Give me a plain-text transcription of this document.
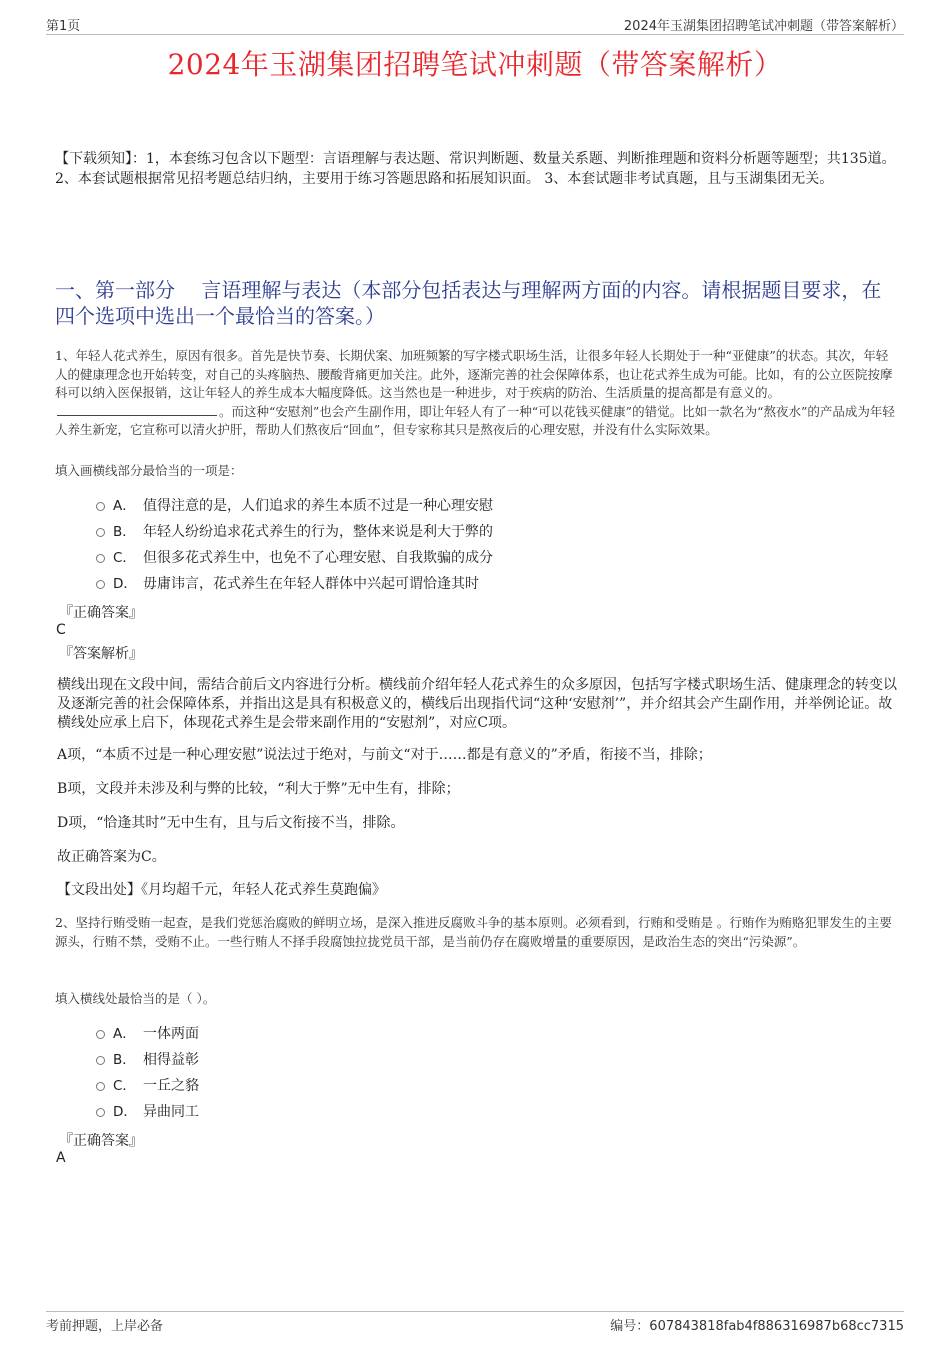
第1页	2024年玉湖集团招聘笔试冲刺题（带答案解析）
2024年玉湖集团招聘笔试冲刺题（带答案解析）
【下载须知】：1，本套练习包含以下题型：言语理解与表达题、常识判断题、数量关系题、判断推理题和资料分析题等题型；共135道。 2、本套试题根据常见招考题总结归纳，主要用于练习答题思路和拓展知识面。 3、本套试题非考试真题，且与玉湖集团无关。
一、第一部分　 言语理解与表达（本部分包括表达与理解两方面的内容。请根据题目要求，在四个选项中选出一个最恰当的答案。）
1、年轻人花式养生，原因有很多。首先是快节奏、长期伏案、加班频繁的写字楼式职场生活，让很多年轻人长期处于一种“亚健康”的状态。其次，年轻人的健康理念也开始转变，对自己的头疼脑热、腰酸背痛更加关注。此外，逐渐完善的社会保障体系，也让花式养生成为可能。比如，有的公立医院按摩科可以纳入医保报销，这让年轻人的养生成本大幅度降低。这当然也是一种进步，对于疾病的防治、生活质量的提高都是有意义的。。而这种“安慰剂”也会产生副作用，即让年轻人有了一种“可以花钱买健康”的错觉。比如一款名为“熬夜水”的产品成为年轻人养生新宠，它宣称可以清火护肝，帮助人们熬夜后“回血”，但专家称其只是熬夜后的心理安慰，并没有什么实际效果。
填入画横线部分最恰当的一项是：
A． 值得注意的是，人们追求的养生本质不过是一种心理安慰
B． 年轻人纷纷追求花式养生的行为，整体来说是利大于弊的
C． 但很多花式养生中，也免不了心理安慰、自我欺骗的成分
D． 毋庸讳言，花式养生在年轻人群体中兴起可谓恰逢其时
『正确答案』
C
『答案解析』
横线出现在文段中间，需结合前后文内容进行分析。横线前介绍年轻人花式养生的众多原因，包括写字楼式职场生活、健康理念的转变以及逐渐完善的社会保障体系，并指出这是具有积极意义的，横线后出现指代词“这种‘安慰剂’”，并介绍其会产生副作用，并举例论证。故横线处应承上启下，体现花式养生是会带来副作用的“安慰剂”，对应C项。
A项，“本质不过是一种心理安慰”说法过于绝对，与前文“对于……都是有意义的”矛盾，衔接不当，排除；
B项，文段并未涉及利与弊的比较，“利大于弊”无中生有，排除；
D项，“恰逢其时”无中生有，且与后文衔接不当，排除。
故正确答案为C。
【文段出处】《月均超千元，年轻人花式养生莫跑偏》
2、坚持行贿受贿一起查，是我们党惩治腐败的鲜明立场，是深入推进反腐败斗争的基本原则。必须看到，行贿和受贿是 。行贿作为贿赂犯罪发生的主要源头，行贿不禁，受贿不止。一些行贿人不择手段腐蚀拉拢党员干部，是当前仍存在腐败增量的重要原因，是政治生态的突出“污染源”。
填入横线处最恰当的是（ ）。
A． 一体两面
B． 相得益彰
C． 一丘之貉
D． 异曲同工
『正确答案』
A
考前押题，上岸必备	编号：607843818fab4f886316987b68cc7315
